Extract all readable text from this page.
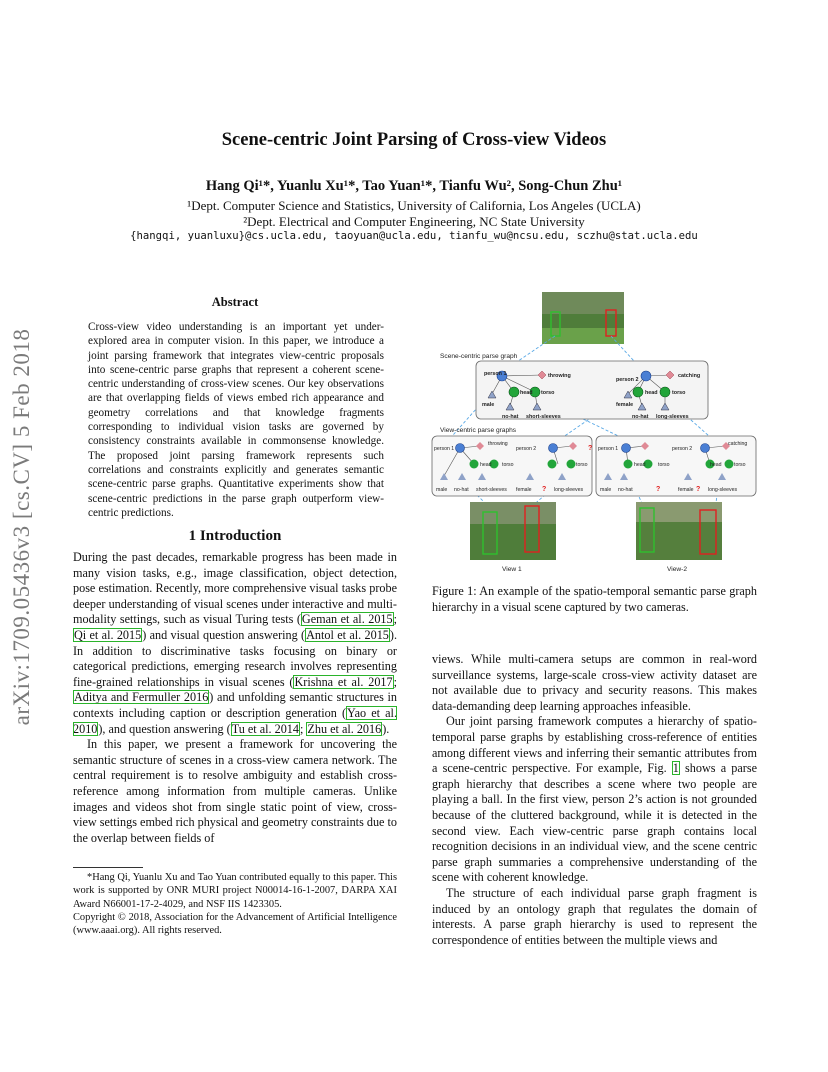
Scene-centric Joint Parsing of Cross-view Videos
Hang Qi¹*, Yuanlu Xu¹*, Tao Yuan¹*, Tianfu Wu², Song-Chun Zhu¹
¹Dept. Computer Science and Statistics, University of California, Los Angeles (UCLA)
²Dept. Electrical and Computer Engineering, NC State University
{hangqi, yuanluxu}@cs.ucla.edu, taoyuan@ucla.edu, tianfu_wu@ncsu.edu, sczhu@stat.ucla.edu
arXiv:1709.05436v3 [cs.CV] 5 Feb 2018
Abstract
Cross-view video understanding is an important yet under-explored area in computer vision. In this paper, we introduce a joint parsing framework that integrates view-centric proposals into scene-centric parse graphs that represent a coherent scene-centric understanding of cross-view scenes. Our key observations are that overlapping fields of views embed rich appearance and geometry correlations and that knowledge fragments corresponding to individual vision tasks are governed by consistency constraints available in commonsense knowledge. The proposed joint parsing framework represents such correlations and constraints explicitly and generates semantic scene-centric parse graphs. Quantitative experiments show that scene-centric predictions in the parse graph outperform view-centric predictions.
1 Introduction

During the past decades, remarkable progress has been made in many vision tasks, e.g., image classification, object detection, pose estimation. Recently, more comprehensive visual tasks probe deeper understanding of visual scenes under interactive and multi-modality settings, such as visual Turing tests (Geman et al. 2015; Qi et al. 2015) and visual question answering (Antol et al. 2015). In addition to discriminative tasks focusing on binary or categorical predictions, emerging research involves representing fine-grained relationships in visual scenes (Krishna et al. 2017; Aditya and Fermuller 2016) and unfolding semantic structures in contexts including caption or description generation (Yao et al. 2010), and question answering (Tu et al. 2014; Zhu et al. 2016).

In this paper, we present a framework for uncovering the semantic structure of scenes in a cross-view camera network. The central requirement is to resolve ambiguity and establish cross-reference among information from multiple cameras. Unlike images and videos shot from single static point of view, cross-view settings embed rich physical and geometry constraints due to the overlap between fields of

*Hang Qi, Yuanlu Xu and Tao Yuan contributed equally to this paper. This work is supported by ONR MURI project N00014-16-1-2007, DARPA XAI Award N66001-17-2-4029, and NSF IIS 1423305.
Copyright © 2018, Association for the Advancement of Artificial Intelligence (www.aaai.org). All rights reserved.
Scene-centric parse graph
View-centric parse graphs
person 1	throwing
head torso
male
no-hat short-sleeves
person 2
catching
head	torso
female
no-hat long-sleeves
person 1
throwing
head torso
male no-hat short-sleeves
person 2
torso
female	long-sleeves
person 1
head torso
male no-hat
person 2
catching
head torso
female	long-sleeves
?
?	?	?
View 1	View-2
Figure 1: An example of the spatio-temporal semantic parse graph hierarchy in a visual scene captured by two cameras.

views. While multi-camera setups are common in real-word surveillance systems, large-scale cross-view activity dataset are not available due to privacy and security reasons. This makes data-demanding deep learning approaches infeasible.

Our joint parsing framework computes a hierarchy of spatio-temporal parse graphs by establishing cross-reference of entities among different views and inferring their semantic attributes from a scene-centric perspective. For example, Fig. 1 shows a parse graph hierarchy that describes a scene where two people are playing a ball. In the first view, person 2’s action is not grounded because of the cluttered background, while it is detected in the second view. Each view-centric parse graph contains local recognition decisions in an individual view, and the scene centric parse graph summaries a comprehensive understanding of the scene with coherent knowledge.

The structure of each individual parse graph fragment is induced by an ontology graph that regulates the domain of interests. A parse graph hierarchy is used to represent the correspondence of entities between the multiple views and
